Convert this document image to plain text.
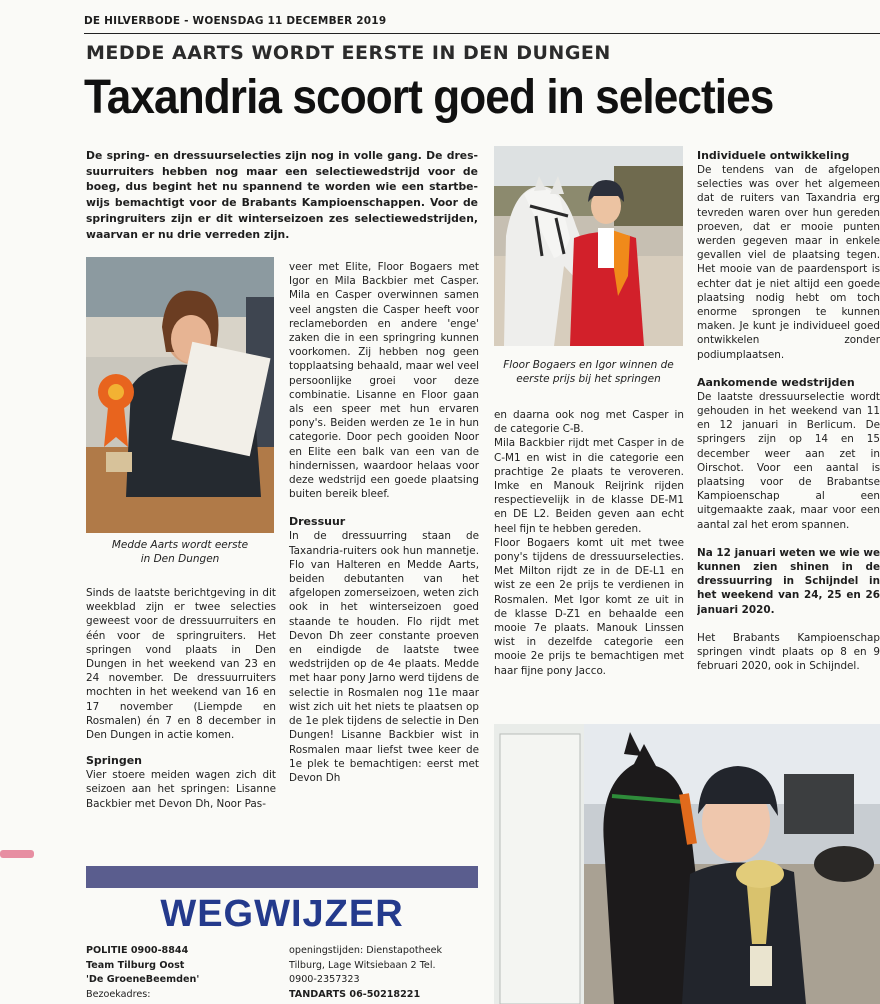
DE HILVERBODE - WOENSDAG 11 DECEMBER 2019
MEDDE AARTS WORDT EERSTE IN DEN DUNGEN
Taxandria scoort goed in selecties
De spring- en dressuurselecties zijn nog in volle gang. De dres-suurruiters hebben nog maar een selectiewedstrijd voor de boeg, dus begint het nu spannend te worden wie een startbe-wijs bemachtigt voor de Brabants Kampioenschappen. Voor de springruiters zijn er dit winterseizoen zes selectiewedstrijden, waarvan er nu drie verreden zijn.
Medde Aarts wordt eerste in Den Dungen

Sinds de laatste berichtgeving in dit weekblad zijn er twee selecties geweest voor de dressuurruiters en één voor de springruiters. Het springen vond plaats in Den Dungen in het weekend van 23 en 24 november. De dressuurruiters mochten in het weekend van 16 en 17 november (Liempde en Rosmalen) én 7 en 8 december in Den Dungen in actie komen.

Springen

Vier stoere meiden wagen zich dit seizoen aan het springen: Lisanne Backbier met Devon Dh, Noor Pas-

veer met Elite, Floor Bogaers met Igor en Mila Backbier met Casper. Mila en Casper overwinnen samen veel angsten die Casper heeft voor reclameborden en andere 'enge' zaken die in een springring kunnen voorkomen. Zij hebben nog geen topplaatsing behaald, maar wel veel persoonlijke groei voor deze combinatie. Lisanne en Floor gaan als een speer met hun ervaren pony's. Beiden werden ze 1e in hun categorie. Door pech gooiden Noor en Elite een balk van een van de hindernissen, waardoor helaas voor deze wedstrijd een goede plaatsing buiten bereik bleef.

Dressuur

In de dressuurring staan de Taxandria-ruiters ook hun mannetje. Flo van Halteren en Medde Aarts, beiden debutanten van het afgelopen zomerseizoen, weten zich ook in het winterseizoen goed staande te houden. Flo rijdt met Devon Dh zeer constante proeven en eindigde de laatste twee wedstrijden op de 4e plaats. Medde met haar pony Jarno werd tijdens de selectie in Rosmalen nog 11e maar wist zich uit het niets te plaatsen op de 1e plek tijdens de selectie in Den Dungen! Lisanne Backbier wist in Rosmalen maar liefst twee keer de 1e plek te bemachtigen: eerst met Devon Dh

Floor Bogaers en Igor winnen de eerste prijs bij het springen

en daarna ook nog met Casper in de categorie C-B.

Mila Backbier rijdt met Casper in de C-M1 en wist in die categorie een prachtige 2e plaats te veroveren. Imke en Manouk Reijrink rijden respectievelijk in de klasse DE-M1 en DE L2. Beiden geven aan echt heel fijn te hebben gereden.

Floor Bogaers komt uit met twee pony's tijdens de dressuurselecties. Met Milton rijdt ze in de DE-L1 en wist ze een 2e prijs te verdienen in Rosmalen. Met Igor komt ze uit in de klasse D-Z1 en behaalde een mooie 7e plaats. Manouk Linssen wist in dezelfde categorie een mooie 2e prijs te bemachtigen met haar fijne pony Jacco.

Individuele ontwikkeling

De tendens van de afgelopen selecties was over het algemeen dat de ruiters van Taxandria erg tevreden waren over hun gereden proeven, dat er mooie punten werden gegeven maar in enkele gevallen viel de plaatsing tegen. Het mooie van de paardensport is echter dat je niet altijd een goede plaatsing nodig hebt om toch enorme sprongen te kunnen maken. Je kunt je individueel goed ontwikkelen zonder podiumplaatsen.

Aankomende wedstrijden

De laatste dressuurselectie wordt gehouden in het weekend van 11 en 12 januari in Berlicum. De springers zijn op 14 en 15 december weer aan zet in Oirschot. Voor een aantal is plaatsing voor de Brabantse Kampioenschap al een uitgemaakte zaak, maar voor een aantal zal het erom spannen.

Na 12 januari weten we wie we kunnen zien shinen in de dressuurring in Schijndel in het weekend van 24, 25 en 26 januari 2020.

Het Brabants Kampioenschap springen vindt plaats op 8 en 9 februari 2020, ook in Schijndel.

WEGWIJZER
POLITIE 0900-8844
Team Tilburg Oost
'De GroeneBeemden'
Bezoekadres:
openingstijden: Dienstapotheek
Tilburg, Lage Witsiebaan 2 Tel.
0900-2357323
TANDARTS 06-50218221
